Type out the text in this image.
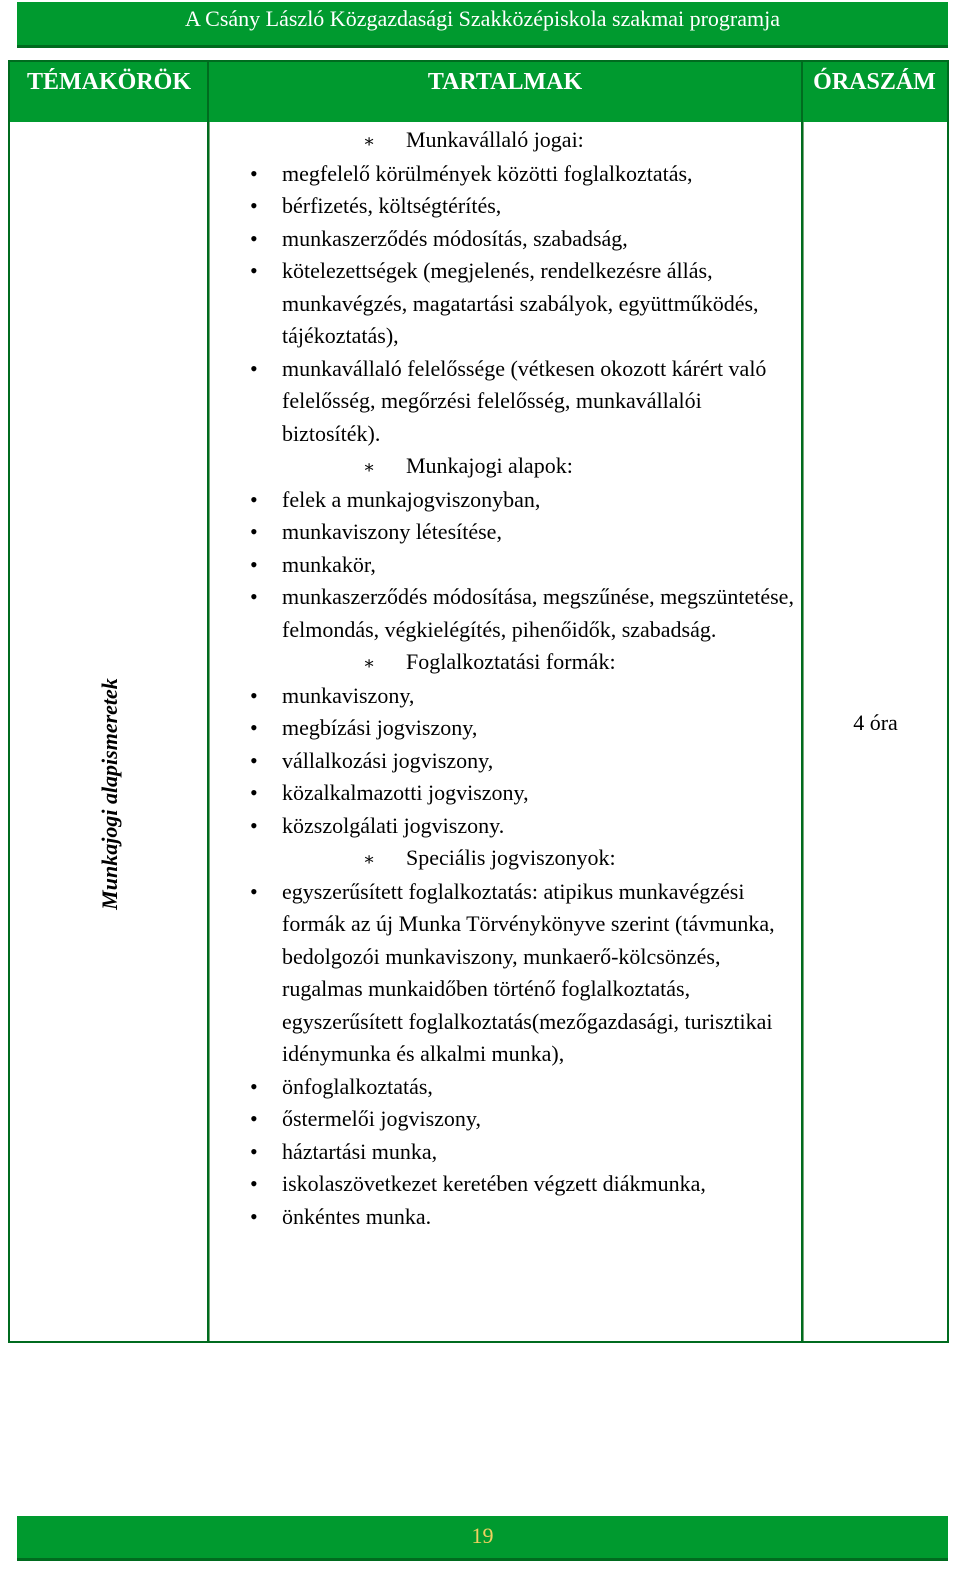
A Csány László Közgazdasági Szakközépiskola szakmai programja
TÉMAKÖRÖK	TARTALMAK	ÓRASZÁM
Munkajogi alapismeretek
∗ Munkavállaló jogai:
• megfelelő körülmények közötti foglalkoztatás,
• bérfizetés, költségtérítés,
• munkaszerződés módosítás, szabadság,
• kötelezettségek (megjelenés, rendelkezésre állás, munkavégzés, magatartási szabályok, együttműködés, tájékoztatás),
• munkavállaló felelőssége (vétkesen okozott kárért való felelősség, megőrzési felelősség, munkavállalói biztosíték).
∗ Munkajogi alapok:
• felek a munkajogviszonyban,
• munkaviszony létesítése,
• munkakör,
• munkaszerződés módosítása, megszűnése, megszüntetése, felmondás, végkielégítés, pihenőidők, szabadság.
∗ Foglalkoztatási formák:
• munkaviszony,
• megbízási jogviszony,
• vállalkozási jogviszony,
• közalkalmazotti jogviszony,
• közszolgálati jogviszony.
∗ Speciális jogviszonyok:
• egyszerűsített foglalkoztatás: atipikus munkavégzési formák az új Munka Törvénykönyve szerint (távmunka, bedolgozói munkaviszony, munkaerő-kölcsönzés, rugalmas munkaidőben történő foglalkoztatás, egyszerűsített foglalkoztatás(mezőgazdasági, turisztikai idénymunka és alkalmi munka),
• önfoglalkoztatás,
• őstermelői jogviszony,
• háztartási munka,
• iskolaszövetkezet keretében végzett diákmunka,
• önkéntes munka.
4 óra
19
